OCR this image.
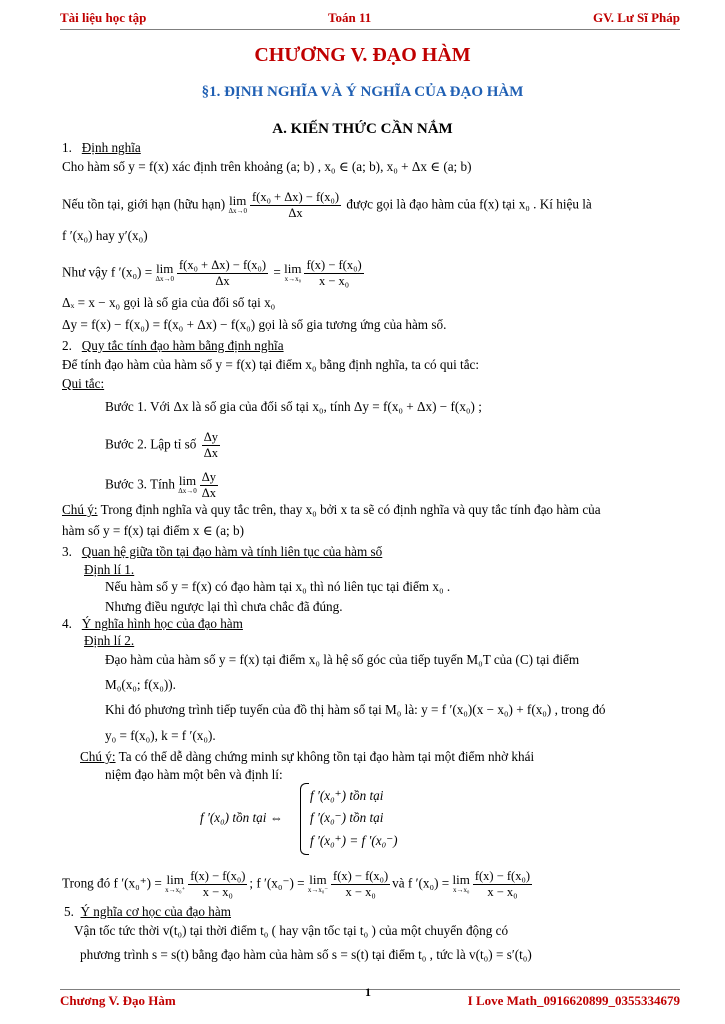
Tài liệu học tập	Toán 11	GV. Lư Sĩ Pháp
CHƯƠNG V. ĐẠO HÀM
§1. ĐỊNH NGHĨA VÀ Ý NGHĨA CỦA ĐẠO HÀM
A. KIẾN THỨC CẦN NẮM
1. Định nghĩa
Cho hàm số y = f(x) xác định trên khoảng (a; b) , x₀ ∈ (a; b), x₀ + Δx ∈ (a; b)
Nếu tồn tại, giới hạn (hữu hạn) lim
$\Delta x\to 0 \frac{\text{f(x₀ + Δx) − f(x₀)}}{\Delta x}$ được gọi là đạo hàm của f(x) tại x₀ . Kí hiệu là
f ′(x₀) hay y′(x₀)
Như vậy f ′(x₀) = lim
$\Delta x\to 0 \frac{\text{f(x₀ + Δx) − f(x₀)}}{\Delta x} = \lim$
$x\to x_0 \frac{\text{f(x) − f(x₀)}}{\text{x − x₀}}$
Δₓ = x − x₀ gọi là số gia của đối số tại x₀
Δy = f(x) − f(x₀) = f(x₀ + Δx) − f(x₀) gọi là số gia tương ứng của hàm số.
2. Quy tắc tính đạo hàm bằng định nghĩa
Để tính đạo hàm của hàm số y = f(x) tại điểm x₀ bằng định nghĩa, ta có qui tắc:
Qui tắc:
Bước 1. Với Δx là số gia của đối số tại x₀, tính Δy = f(x₀ + Δx) − f(x₀) ;
Bước 2. Lập tỉ số $\frac{\Delta y}{\Delta x}$
Bước 3. Tính lim
$\Delta x\to 0 \frac{\Delta y}{\Delta x}$
Chú ý: Trong định nghĩa và quy tắc trên, thay x₀ bởi x ta sẽ có định nghĩa và quy tắc tính đạo hàm của
hàm số y = f(x) tại điểm x ∈ (a; b)
3. Quan hệ giữa tồn tại đạo hàm và tính liên tục của hàm số
Định lí 1.
Nếu hàm số y = f(x) có đạo hàm tại x₀ thì nó liên tục tại điểm x₀ .
Nhưng điều ngược lại thì chưa chắc đã đúng.
4. Ý nghĩa hình học của đạo hàm
Định lí 2.
Đạo hàm của hàm số y = f(x) tại điểm x₀ là hệ số góc của tiếp tuyến M₀T của (C) tại điểm
M₀(x₀; f(x₀)).
Khi đó phương trình tiếp tuyến của đồ thị hàm số tại M₀ là: y = f ′(x₀)(x − x₀) + f(x₀) , trong đó
y₀ = f(x₀), k = f ′(x₀).
Chú ý: Ta có thể dễ dàng chứng minh sự không tồn tại đạo hàm tại một điểm nhờ khái
niệm đạo hàm một bên và định lí:
f ′(x₀) tồn tại ⇔
f ′(x₀⁺) tồn tại
f ′(x₀⁻) tồn tại
f ′(x₀⁺) = f ′(x₀⁻)
Trong đó f ′(x₀⁺) = lim
$x\to x_0^+ \frac{\text{f(x) − f(x₀)}}{\text{x − x₀}}$ ; f ′(x₀⁻) = lim
$x\to x_0^- \frac{\text{f(x) − f(x₀)}}{\text{x − x₀}}$ và f ′(x₀) = lim
$x\to x_0 \frac{\text{f(x) − f(x₀)}}{\text{x − x₀}}$
5. Ý nghĩa cơ học của đạo hàm
Vận tốc tức thời v(t₀) tại thời điểm t₀ ( hay vận tốc tại t₀ ) của một chuyển động có
phương trình s = s(t) bằng đạo hàm của hàm số s = s(t) tại điểm t₀ , tức là v(t₀) = s′(t₀)
Chương V. Đạo Hàm
1
I Love Math_0916620899_0355334679
